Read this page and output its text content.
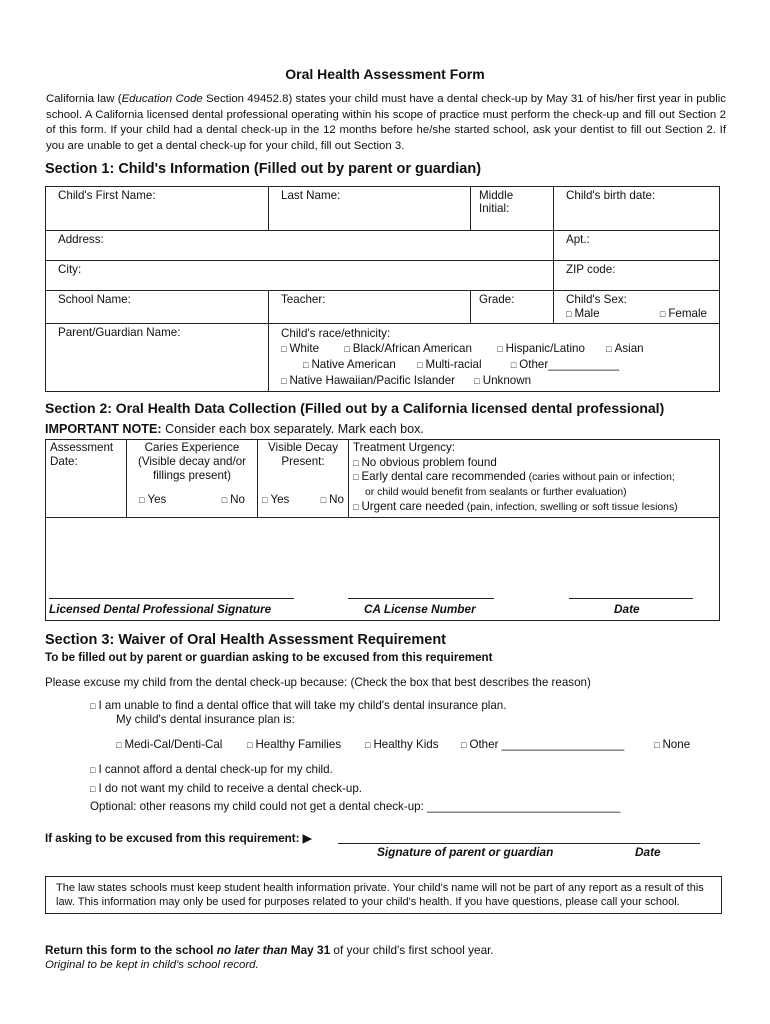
Oral Health Assessment Form
California law (Education Code Section 49452.8) states your child must have a dental check-up by May 31 of his/her first year in public school. A California licensed dental professional operating within his scope of practice must perform the check-up and fill out Section 2 of this form. If your child had a dental check-up in the 12 months before he/she started school, ask your dentist to fill out Section 2. If you are unable to get a dental check-up for your child, fill out Section 3.
Section 1: Child's Information (Filled out by parent or guardian)
Child's First Name:	Last Name:	Middle Initial:	Child's birth date:
Address:			Apt.:
City:			ZIP code:
School Name:	Teacher:	Grade:	Child's Sex:
□ Male □ Female

Parent/Guardian Name:	Child's race/ethnicity:
□ White □ Black/African American □ Hispanic/Latino □ Asian
□ Native American □ Multi-racial □ Other___________
□ Native Hawaiian/Pacific Islander □ Unknown		
Section 2: Oral Health Data Collection (Filled out by a California licensed dental professional)
IMPORTANT NOTE: Consider each box separately. Mark each box.
Assessment
Date:

Caries Experience
(Visible decay and/or
fillings present)
□ Yes	□ No

Visible Decay
Present:
□ Yes	□ No

Treatment Urgency:
□ No obvious problem found
□ Early dental care recommended (caries without pain or infection;
or child would benefit from sealants or further evaluation)
□ Urgent care needed (pain, infection, swelling or soft tissue lesions)

Licensed Dental Professional Signature	CA License Number	Date
Section 3: Waiver of Oral Health Assessment Requirement
To be filled out by parent or guardian asking to be excused from this requirement
Please excuse my child from the dental check-up because: (Check the box that best describes the reason)
□ I am unable to find a dental office that will take my child's dental insurance plan.
My child's dental insurance plan is:
□ Medi-Cal/Denti-Cal	□ Healthy Families	□ Healthy Kids □ Other ___________________	□ None
□ I cannot afford a dental check-up for my child.
□ I do not want my child to receive a dental check-up.
Optional: other reasons my child could not get a dental check-up: ______________________________
If asking to be excused from this requirement: ▶
Signature of parent or guardian	Date
The law states schools must keep student health information private. Your child's name will not be part of any report as a result of this law. This information may only be used for purposes related to your child's health. If you have questions, please call your school.
Return this form to the school no later than May 31 of your child's first school year.
Original to be kept in child's school record.
